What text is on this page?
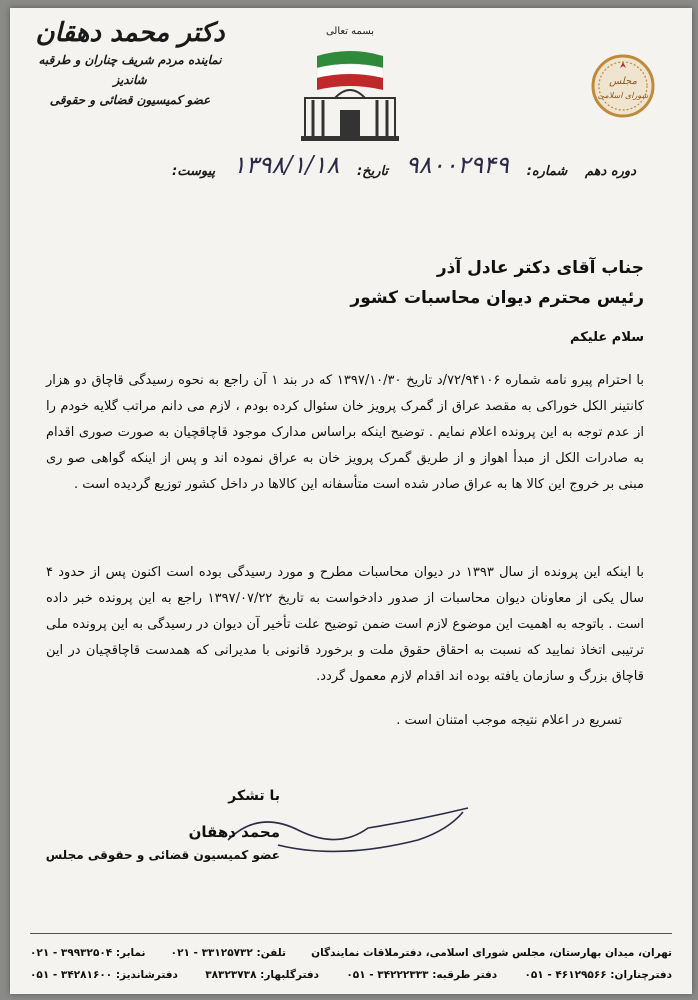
مجلس
شورای اسلامی
بسمه تعالی
دکتر محمد دهقان
نماینده مردم شریف چناران و طرقبه شاندیز
عضو کمیسیون قضائی و حقوقی
دوره دهم
شماره:
۹۸۰۰۲۹۴۹
تاریخ:
۱۳۹۸/۱/۱۸
پیوست:
جناب آقای دکتر عادل آذر
رئیس محترم دیوان محاسبات کشور
سلام علیکم

با احترام پیرو نامه شماره ۷۲/۹۴۱۰۶/د تاریخ ۱۳۹۷/۱۰/۳۰ که در بند ۱ آن راجع به نحوه رسیدگی قاچاق دو هزار کانتینر الکل خوراکی به مقصد عراق از گمرک پرویز خان سئوال کرده بودم ، لازم می دانم مراتب گلایه خودم را از عدم توجه به این پرونده اعلام نمایم . توضیح اینکه براساس مدارک موجود قاچاقچیان به صورت صوری اقدام به صادرات الکل از مبدأ اهواز و از طریق گمرک پرویز خان به عراق نموده اند و پس از اینکه گواهی صو ری مبنی بر خروج این کالا ها به عراق صادر شده است متأسفانه این کالاها در داخل کشور توزیع گردیده است .

با اینکه این پرونده از سال ۱۳۹۳ در دیوان محاسبات مطرح و مورد رسیدگی بوده است اکنون پس از حدود ۴ سال یکی از معاونان دیوان محاسبات از صدور دادخواست به تاریخ ۱۳۹۷/۰۷/۲۲ راجع به این پرونده خبر داده است . باتوجه به اهمیت این موضوع لازم است ضمن توضیح علت تأخیر آن دیوان در رسیدگی به این پرونده ملی ترتیبی اتخاذ نمایید که نسبت به احقاق حقوق ملت و برخورد قانونی با مدیرانی که همدست قاچاقچیان در این قاچاق بزرگ و سازمان یافته بوده اند اقدام لازم معمول گردد.

تسریع در اعلام نتیجه موجب امتنان است .

با تشکر
محمد دهقان
عضو کمیسیون قضائی و حقوقی مجلس
تهران، میدان بهارستان، مجلس شورای اسلامی، دفترملاقات نمایندگان
تلفن: ۳۳۱۲۵۷۳۲ - ۰۲۱
نمابر: ۳۹۹۳۲۵۰۴ - ۰۲۱
دفترچناران: ۴۶۱۲۹۵۶۶ - ۰۵۱
دفتر طرقبه: ۳۴۲۲۲۳۳۳ - ۰۵۱
دفترگلبهار: ۳۸۳۲۳۷۳۸
دفترشاندیز: ۳۴۲۸۱۶۰۰ - ۰۵۱
